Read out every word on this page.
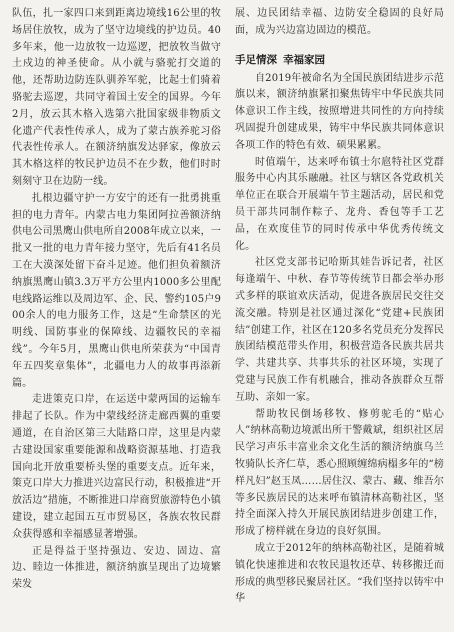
队伍，扎一家四口来到距离边境线16公里的牧场居住放牧，成为了坚守边境线的护边员。40多年来，他一边放牧一边巡逻，把放牧当做守土戍边的神圣使命。从小就与骆驼打交道的他，还帮助边防连队驯养军驼，比起士们骑着骆驼去巡逻，共同守着国土安全的国界。今年2月，放云其木格入选第六批国家级非物质文化遗产代表性传承人，成为了蒙古族养驼习俗代表性传承人。在额济纳旗发达驿家，像放云其木格这样的牧民护边员不在少数，他们时时刻刻守卫在边防一线。

扎根边疆守护一方安宁的还有一批勇挑重担的电力青年。内蒙古电力集团阿拉善额济纳供电公司黑鹰山供电所自2008年成立以来，一批又一批的电力青年接力坚守，先后有41名员工在大漠深处留下奋斗足迹。他们担负着额济纳旗黑鹰山镇3.3万平方公里内1000多公里配电线路运维以及周边军、企、民、警约105户900余人的电力服务工作，这是“生命禁区的光明线、国防事业的保障线、边疆牧民的幸福线”。今年5月，黑鹰山供电所荣获为“中国青年五四奖章集体”，北疆电力人的故事再添新篇。

走进策克口岸，在运送中蒙两国的运输车排起了长队。作为中蒙线经济走廊西翼的重要通道，在自治区第三大陆路口岸，这里是内蒙古建设国家重要能源和战略资源基地、打造我国向北开放重要桥头堡的重要支点。近年来，策克口岸大力推进兴边富民行动，积极推进“开放活边”措施，不断推进口岸商贸旅游特色小镇建设，建立起国五互市贸易区，各族农牧民群众获得感和幸福感显著增强。

正是得益于坚持强边、安边、固边、富边、睦边一体推进，额济纳旗呈现出了边境繁荣发

展、边民团结幸福、边防安全稳固的良好局面，成为兴边富边固边的模范。

手足情深 幸福家园

自2019年被命名为全国民族团结进步示范旗以来，额济纳旗紧扣聚焦铸牢中华民族共同体意识工作主线，按照增进共同性的方向持续巩固提升创建成果，铸牢中华民族共同体意识各项工作的特色有效、硕果累累。

时值端午，达来呼布镇士尔扈特社区党群服务中心内其乐融融。社区与辖区各党政机关单位正在联合开展端午节主题活动，居民和党员干部共同制作粽子、龙舟、香包等手工艺品，在欢度佳节的同时传承中华优秀传统文化。

社区党支部书记哈斯其娃告诉记者，社区每逢端午、中秋、春节等传统节日都会举办形式多样的联谊欢庆活动，促进各族居民交往交流交融。特别是社区通过深化“党建+民族团结”创建工作，社区在120多名党员充分发挥民族团结模范带头作用，积极营造各民族共居共学、共建共享、共事共乐的社区环境，实现了党建与民族工作有机融合，推动各族群众互帮互助、亲如一家。

帮助牧民倒场移牧、修剪驼毛的“贴心人”纳林高勒边境派出所干警戴斌，组织社区居民学习声乐丰富业余文化生活的额济纳旗乌兰牧骑队长齐仁草，悉心照顾缠绵病榻多年的“榜样凡妇”赵玉凤……居住汉、蒙古、藏、维吾尔等多民族居民的达来呼布镇清林高勒社区，坚持全面深入持久开展民族团结进步创建工作，形成了榜样就在身边的良好氛围。

成立于2012年的纳林高勒社区，是随着城镇化快速推进和农牧民退牧还草、转移搬迁而形成的典型移民聚居社区。“我们坚持以铸牢中华
